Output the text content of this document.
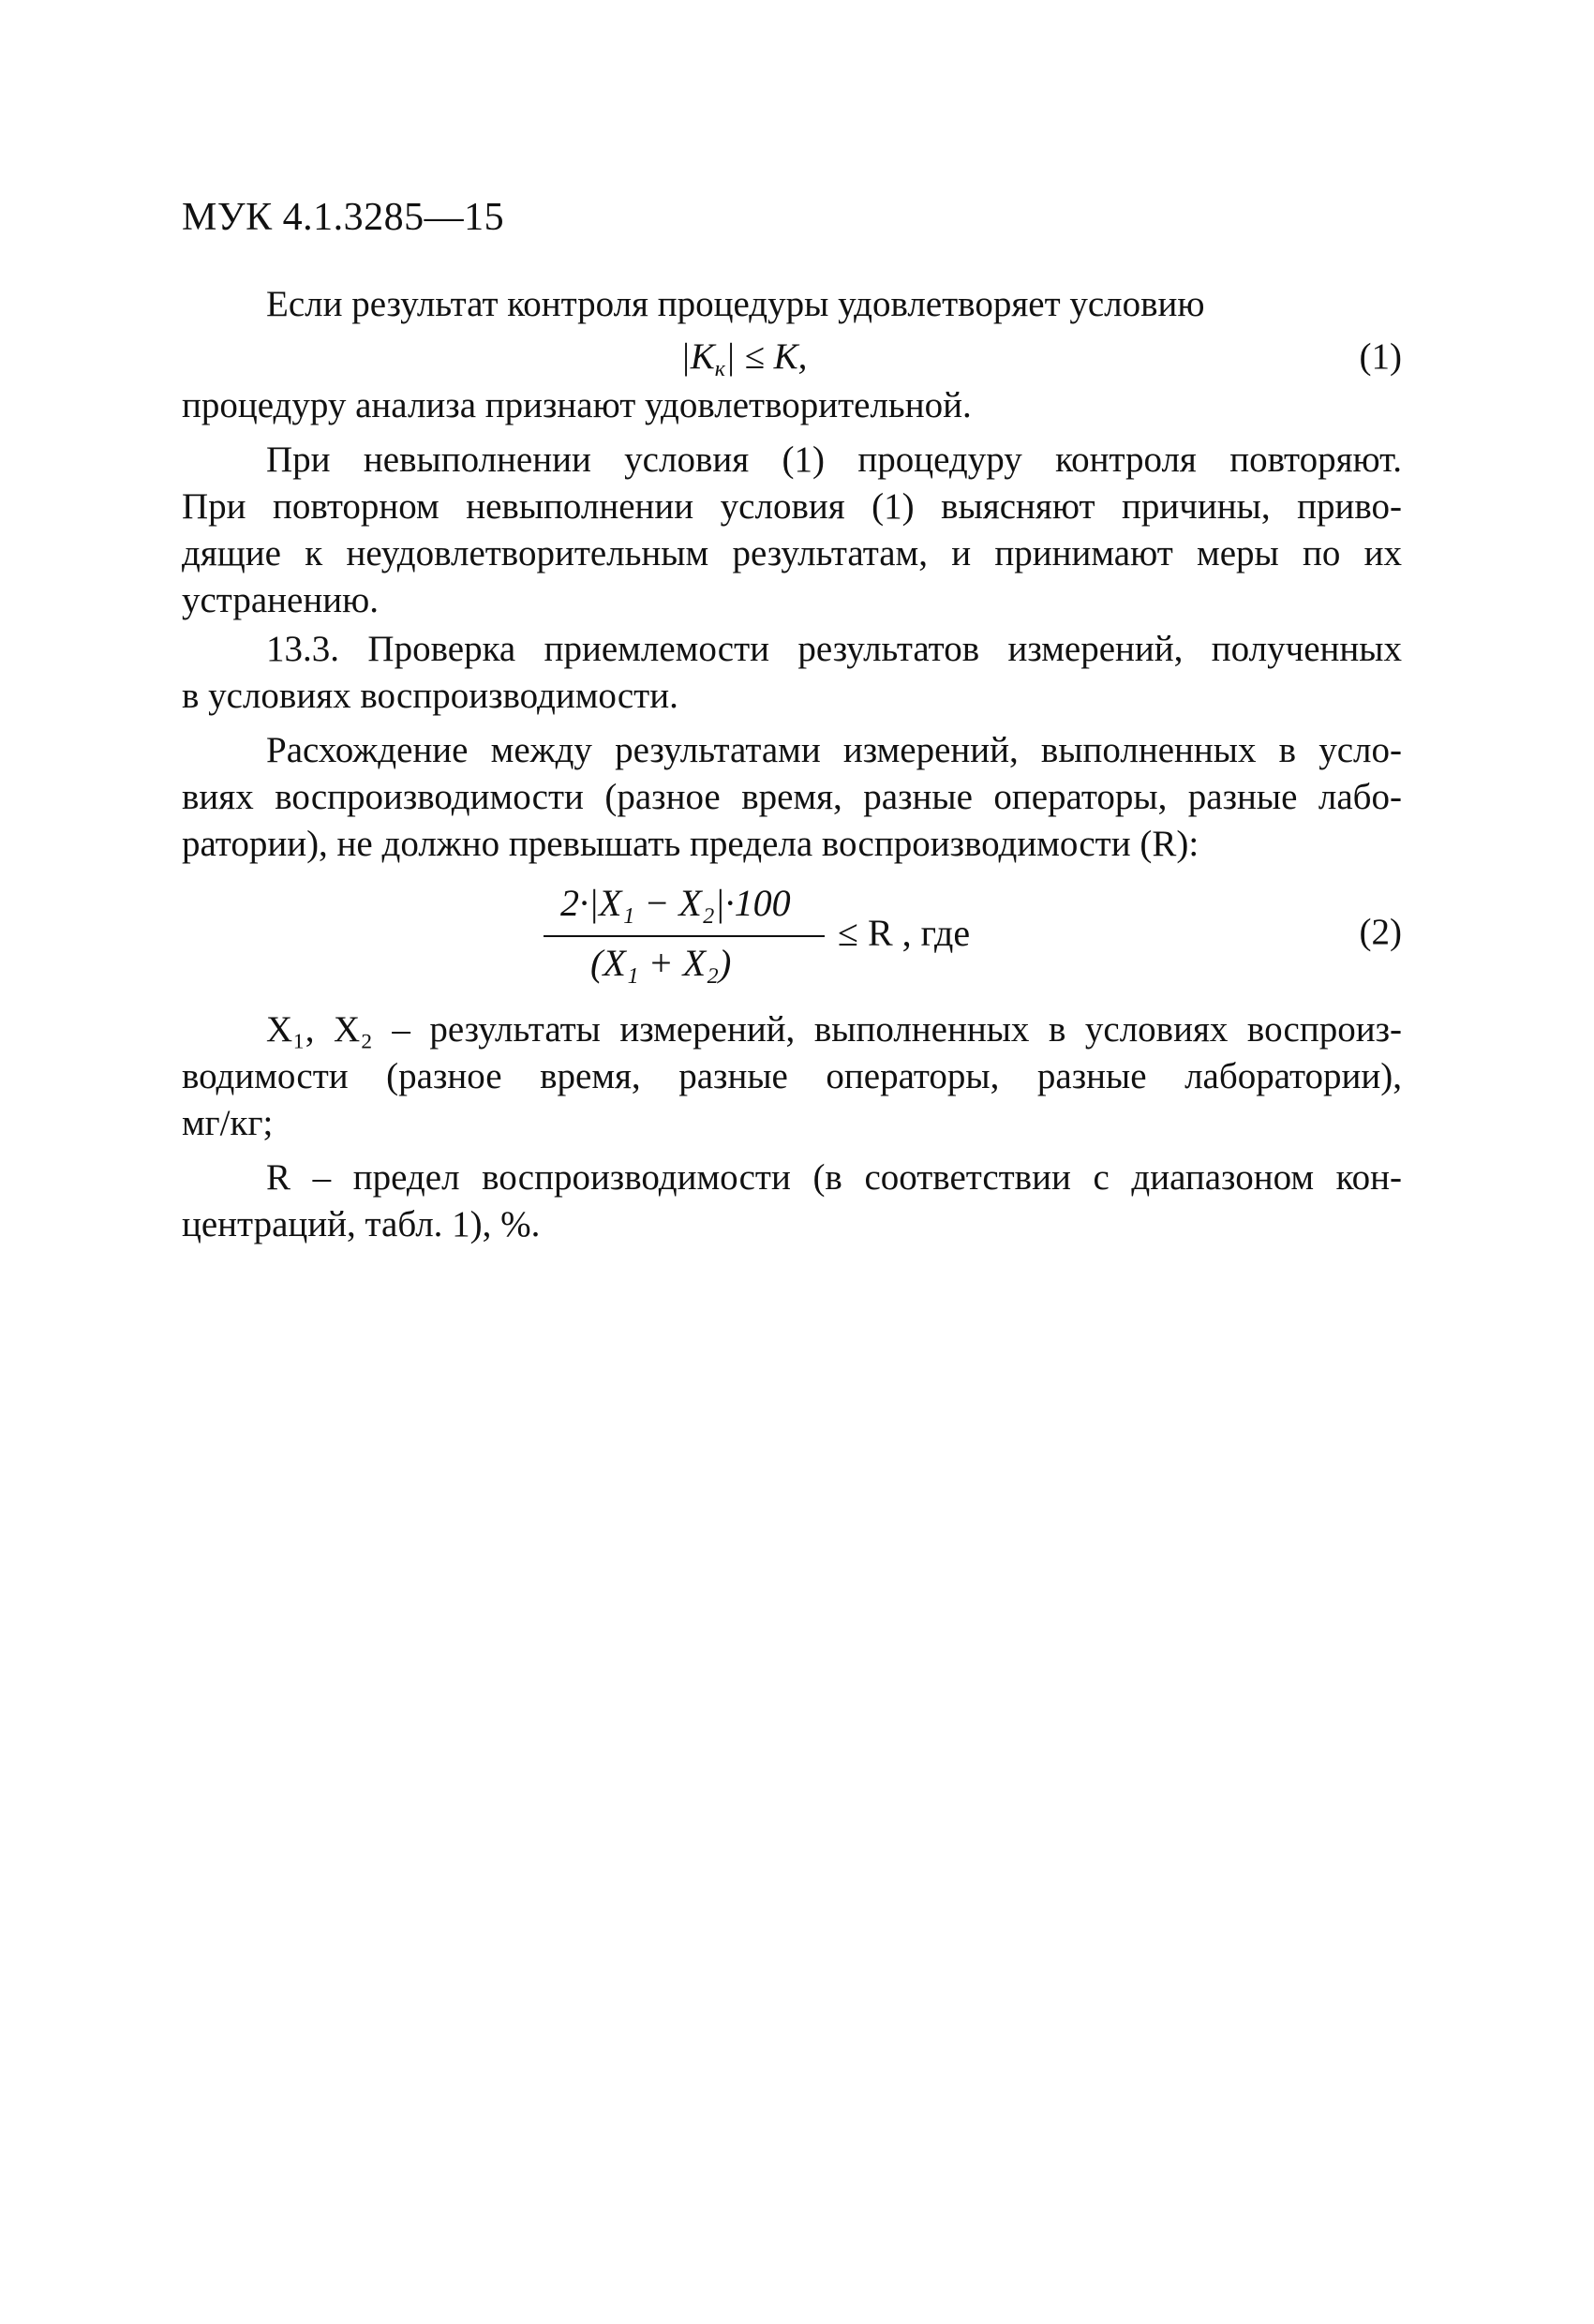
МУК 4.1.3285—15
Если результат контроля процедуры удовлетворяет условию
$|K_к| \le K$,	(1)
процедуру анализа признают удовлетворительной.
При невыполнении условия (1) процедуру контроля повторяют.
При повторном невыполнении условия (1) выясняют причины, приво-
дящие к неудовлетворительным результатам, и принимают меры по их
устранению.
13.3. Проверка приемлемости результатов измерений, полученных
в условиях воспроизводимости.
Расхождение между результатами измерений, выполненных в усло-
виях воспроизводимости (разное время, разные операторы, разные лабо-
ратории), не должно превышать предела воспроизводимости (R):
2·|X₁ − X₂|·100
(X₁ + X₂)
≤ R , где	(2)
X₁, X₂ – результаты измерений, выполненных в условиях воспроиз-
водимости (разное время, разные операторы, разные лаборатории),
мг/кг;
R – предел воспроизводимости (в соответствии с диапазоном кон-
центраций, табл. 1), %.
